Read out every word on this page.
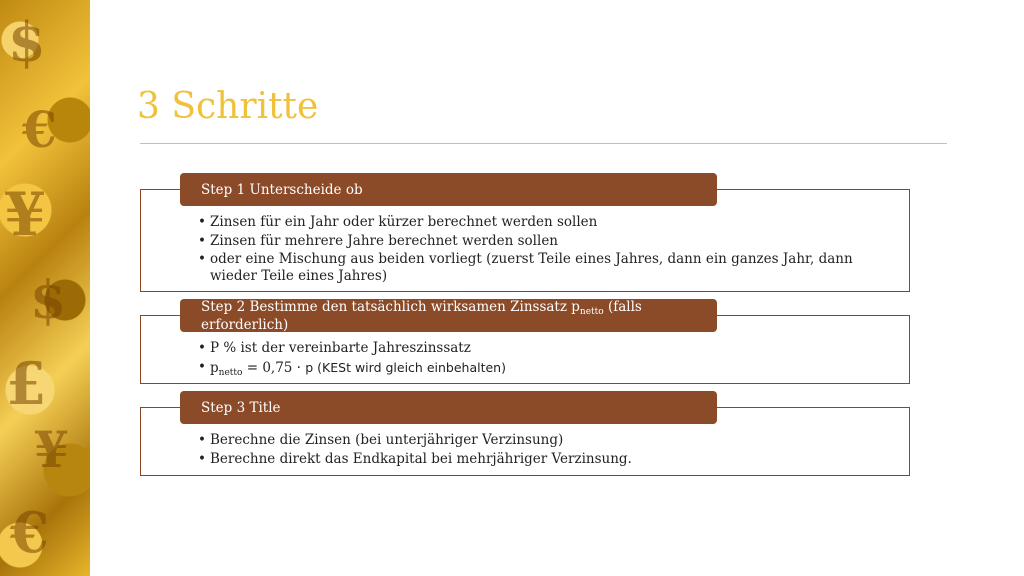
$
€
¥
$
£
¥
€
3 Schritte
Step 1 Unterscheide ob
• Zinsen für ein Jahr oder kürzer berechnet werden sollen
• Zinsen für mehrere Jahre berechnet werden sollen
• oder eine Mischung aus beiden vorliegt (zuerst Teile eines Jahres, dann ein ganzes Jahr, dann wieder Teile eines Jahres)
Step 2 Bestimme den tatsächlich wirksamen Zinssatz $p_{netto}$ (falls erforderlich)
• P % ist der vereinbarte Jahreszinssatz
• $p_{netto} = 0,75 \cdot p$ (KESt wird gleich einbehalten)
Step 3 Title
• Berechne die Zinsen (bei unterjähriger Verzinsung)
• Berechne direkt das Endkapital bei mehrjähriger Verzinsung.
